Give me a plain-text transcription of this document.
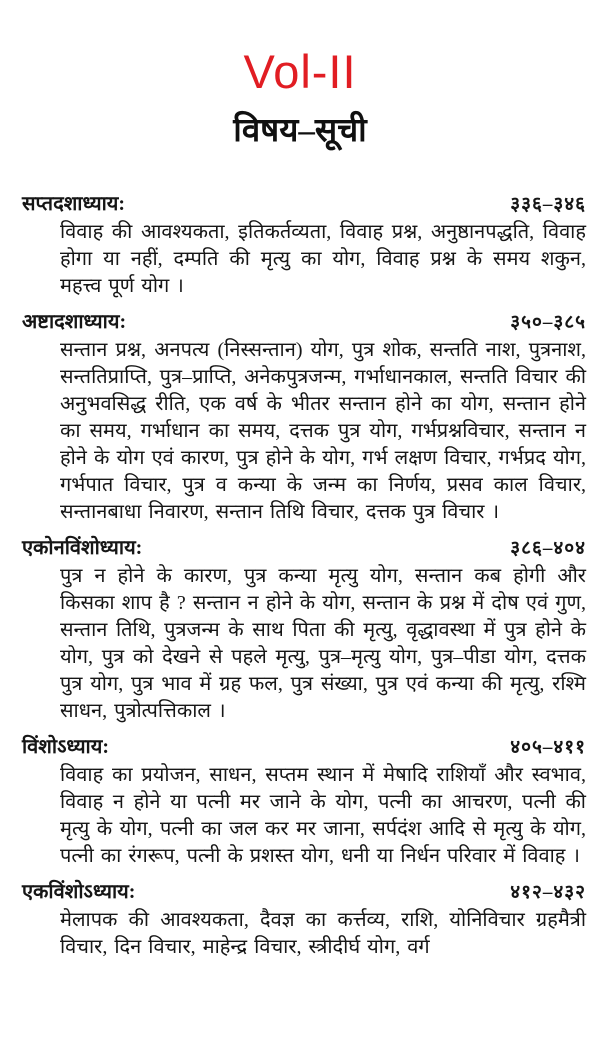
Vol-II
विषय–सूची
सप्तदशाध्याय:	३३६–३४६
विवाह की आवश्यकता, इतिकर्तव्यता, विवाह प्रश्न, अनुष्ठानपद्धति, विवाह होगा या नहीं, दम्पति की मृत्यु का योग, विवाह प्रश्न के समय शकुन, महत्त्व पूर्ण योग ।
अष्टादशाध्याय:	३५०–३८५
सन्तान प्रश्न, अनपत्य (निस्सन्तान) योग, पुत्र शोक, सन्तति नाश, पुत्रनाश, सन्ततिप्राप्ति, पुत्र–प्राप्ति, अनेकपुत्रजन्म, गर्भाधानकाल, सन्तति विचार की अनुभवसिद्ध रीति, एक वर्ष के भीतर सन्तान होने का योग, सन्तान होने का समय, गर्भाधान का समय, दत्तक पुत्र योग, गर्भप्रश्नविचार, सन्तान न होने के योग एवं कारण, पुत्र होने के योग, गर्भ लक्षण विचार, गर्भप्रद योग, गर्भपात विचार, पुत्र व कन्या के जन्म का निर्णय, प्रसव काल विचार, सन्तानबाधा निवारण, सन्तान तिथि विचार, दत्तक पुत्र विचार ।
एकोनविंशोध्याय:	३८६–४०४
पुत्र न होने के कारण, पुत्र कन्या मृत्यु योग, सन्तान कब होगी और किसका शाप है ? सन्तान न होने के योग, सन्तान के प्रश्न में दोष एवं गुण, सन्तान तिथि, पुत्रजन्म के साथ पिता की मृत्यु, वृद्धावस्था में पुत्र होने के योग, पुत्र को देखने से पहले मृत्यु, पुत्र–मृत्यु योग, पुत्र–पीडा योग, दत्तक पुत्र योग, पुत्र भाव में ग्रह फल, पुत्र संख्या, पुत्र एवं कन्या की मृत्यु, रश्मि साधन, पुत्रोत्पत्तिकाल ।
विंशोऽध्याय:	४०५–४११
विवाह का प्रयोजन, साधन, सप्तम स्थान में मेषादि राशियाँ और स्वभाव, विवाह न होने या पत्नी मर जाने के योग, पत्नी का आचरण, पत्नी की मृत्यु के योग, पत्नी का जल कर मर जाना, सर्पदंश आदि से मृत्यु के योग, पत्नी का रंगरूप, पत्नी के प्रशस्त योग, धनी या निर्धन परिवार में विवाह ।
एकविंशोऽध्याय:	४१२–४३२
मेलापक की आवश्यकता, दैवज्ञ का कर्त्तव्य, राशि, योनिविचार ग्रहमैत्री विचार, दिन विचार, माहेन्द्र विचार, स्त्रीदीर्घ योग, वर्ग
